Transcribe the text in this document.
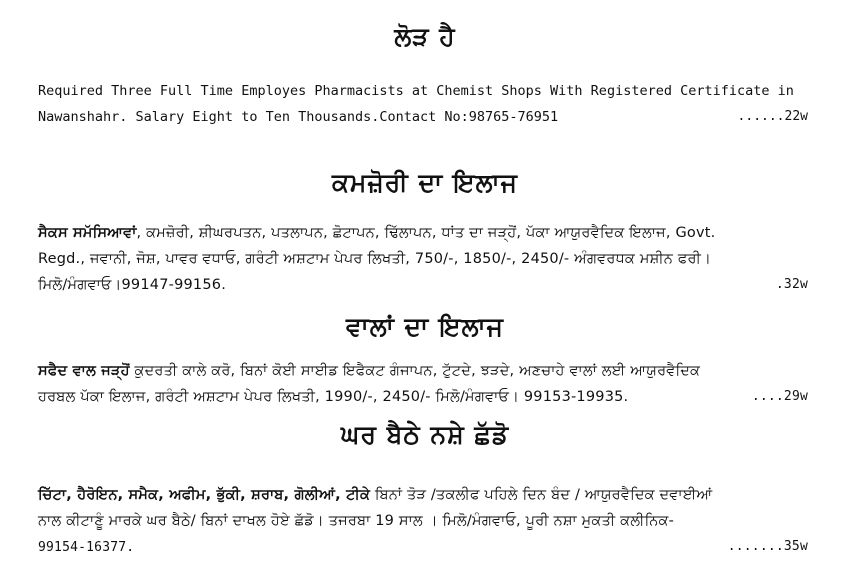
ਲੋੜ ਹੈ
Required Three Full Time Employes Pharmacists at Chemist Shops With Registered Certificate in
Nawanshahr. Salary Eight to Ten Thousands.Contact No:98765-76951	......22w
ਕਮਜ਼ੋਰੀ ਦਾ ਇਲਾਜ
ਸੈਕਸ ਸਮੱਸਿਆਵਾਂ, ਕਮਜ਼ੋਰੀ, ਸ਼ੀਘਰਪਤਨ, ਪਤਲਾਪਨ, ਛੋਟਾਪਨ, ਢਿੱਲਾਪਨ, ਧਾਂਤ ਦਾ ਜੜ੍ਹੋਂ, ਪੱਕਾ ਆਯੁਰਵੈਦਿਕ ਇਲਾਜ, Govt.
Regd., ਜਵਾਨੀ, ਜੋਸ਼, ਪਾਵਰ ਵਧਾਓ, ਗਰੰਟੀ ਅਸ਼ਟਾਮ ਪੇਪਰ ਲਿਖਤੀ, 750/-, 1850/-, 2450/- ਅੰਗਵਰਧਕ ਮਸ਼ੀਨ ਫਰੀ।
ਮਿਲੋ/ਮੰਗਵਾਓ।99147-99156.	.32w
ਵਾਲਾਂ ਦਾ ਇਲਾਜ
ਸਫੈਦ ਵਾਲ ਜੜ੍ਹੋਂ ਕੁਦਰਤੀ ਕਾਲੇ ਕਰੋ, ਬਿਨਾਂ ਕੋਈ ਸਾਈਡ ਇਫੈਕਟ ਗੰਜਾਪਨ, ਟੁੱਟਦੇ, ਝੜਦੇ, ਅਣਚਾਹੇ ਵਾਲਾਂ ਲਈ ਆਯੁਰਵੈਦਿਕ
ਹਰਬਲ ਪੱਕਾ ਇਲਾਜ, ਗਰੰਟੀ ਅਸ਼ਟਾਮ ਪੇਪਰ ਲਿਖਤੀ, 1990/-, 2450/- ਮਿਲੋ/ਮੰਗਵਾਓ। 99153-19935.	....29w
ਘਰ ਬੈਠੇ ਨਸ਼ੇ ਛੱਡੋ
ਚਿੱਟਾ, ਹੈਰੋਇਨ, ਸਮੈਕ, ਅਫੀਮ, ਭੁੱਕੀ, ਸ਼ਰਾਬ, ਗੋਲੀਆਂ, ਟੀਕੇ ਬਿਨਾਂ ਤੋੜ /ਤਕਲੀਫ ਪਹਿਲੇ ਦਿਨ ਬੰਦ / ਆਯੁਰਵੈਦਿਕ ਦਵਾਈਆਂ
ਨਾਲ ਕੀਟਾਣੂੰ ਮਾਰਕੇ ਘਰ ਬੈਠੇ/ ਬਿਨਾਂ ਦਾਖਲ ਹੋਏ ਛੱਡੋ। ਤਜਰਬਾ 19 ਸਾਲ । ਮਿਲੋ/ਮੰਗਵਾਓ, ਪੂਰੀ ਨਸ਼ਾ ਮੁਕਤੀ ਕਲੀਨਿਕ-
99154-16377.	.......35w
